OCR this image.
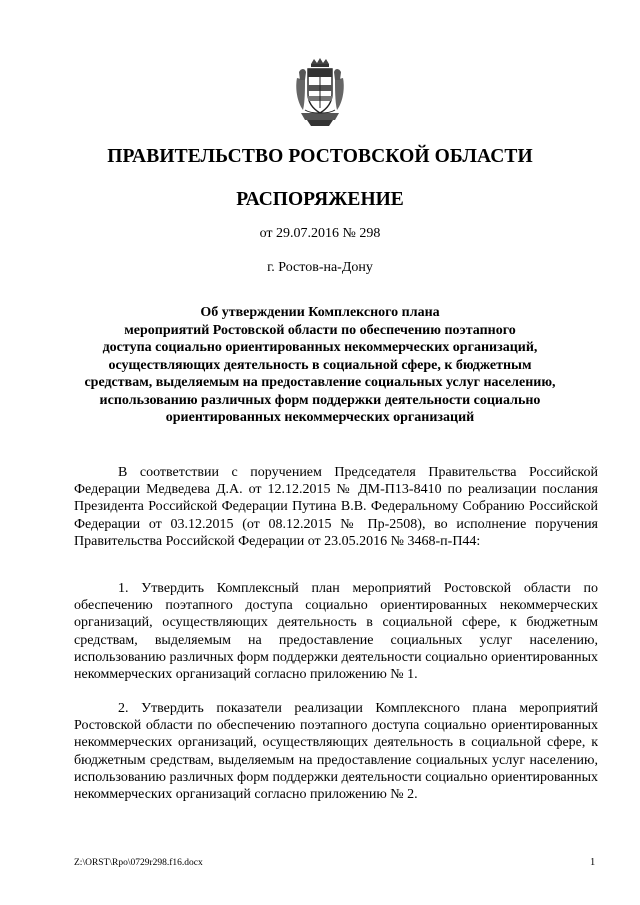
ПРАВИТЕЛЬСТВО РОСТОВСКОЙ ОБЛАСТИ
РАСПОРЯЖЕНИЕ
от 29.07.2016 № 298
г. Ростов-на-Дону
Об утверждении Комплексного плана
мероприятий Ростовской области по обеспечению поэтапного
доступа социально ориентированных некоммерческих организаций,
осуществляющих деятельность в социальной сфере, к бюджетным
средствам, выделяемым на предоставление социальных услуг населению,
использованию различных форм поддержки деятельности социально
ориентированных некоммерческих организаций

В соответствии с поручением Председателя Правительства Российской Федерации Медведева Д.А. от 12.12.2015 № ДМ-П13-8410 по реализации послания Президента Российской Федерации Путина В.В. Федеральному Собранию Российской Федерации от 03.12.2015 (от 08.12.2015 № Пр-2508), во исполнение поручения Правительства Российской Федерации от 23.05.2016 № 3468-п-П44:

1. Утвердить Комплексный план мероприятий Ростовской области по обеспечению поэтапного доступа социально ориентированных некоммерческих организаций, осуществляющих деятельность в социальной сфере, к бюджетным средствам, выделяемым на предоставление социальных услуг населению, использованию различных форм поддержки деятельности социально ориентированных некоммерческих организаций согласно приложению № 1.

2. Утвердить показатели реализации Комплексного плана мероприятий Ростовской области по обеспечению поэтапного доступа социально ориентированных некоммерческих организаций, осуществляющих деятельность в социальной сфере, к бюджетным средствам, выделяемым на предоставление социальных услуг населению, использованию различных форм поддержки деятельности социально ориентированных некоммерческих организаций согласно приложению № 2.

Z:\ORST\Rpo\0729r298.f16.docx	1
